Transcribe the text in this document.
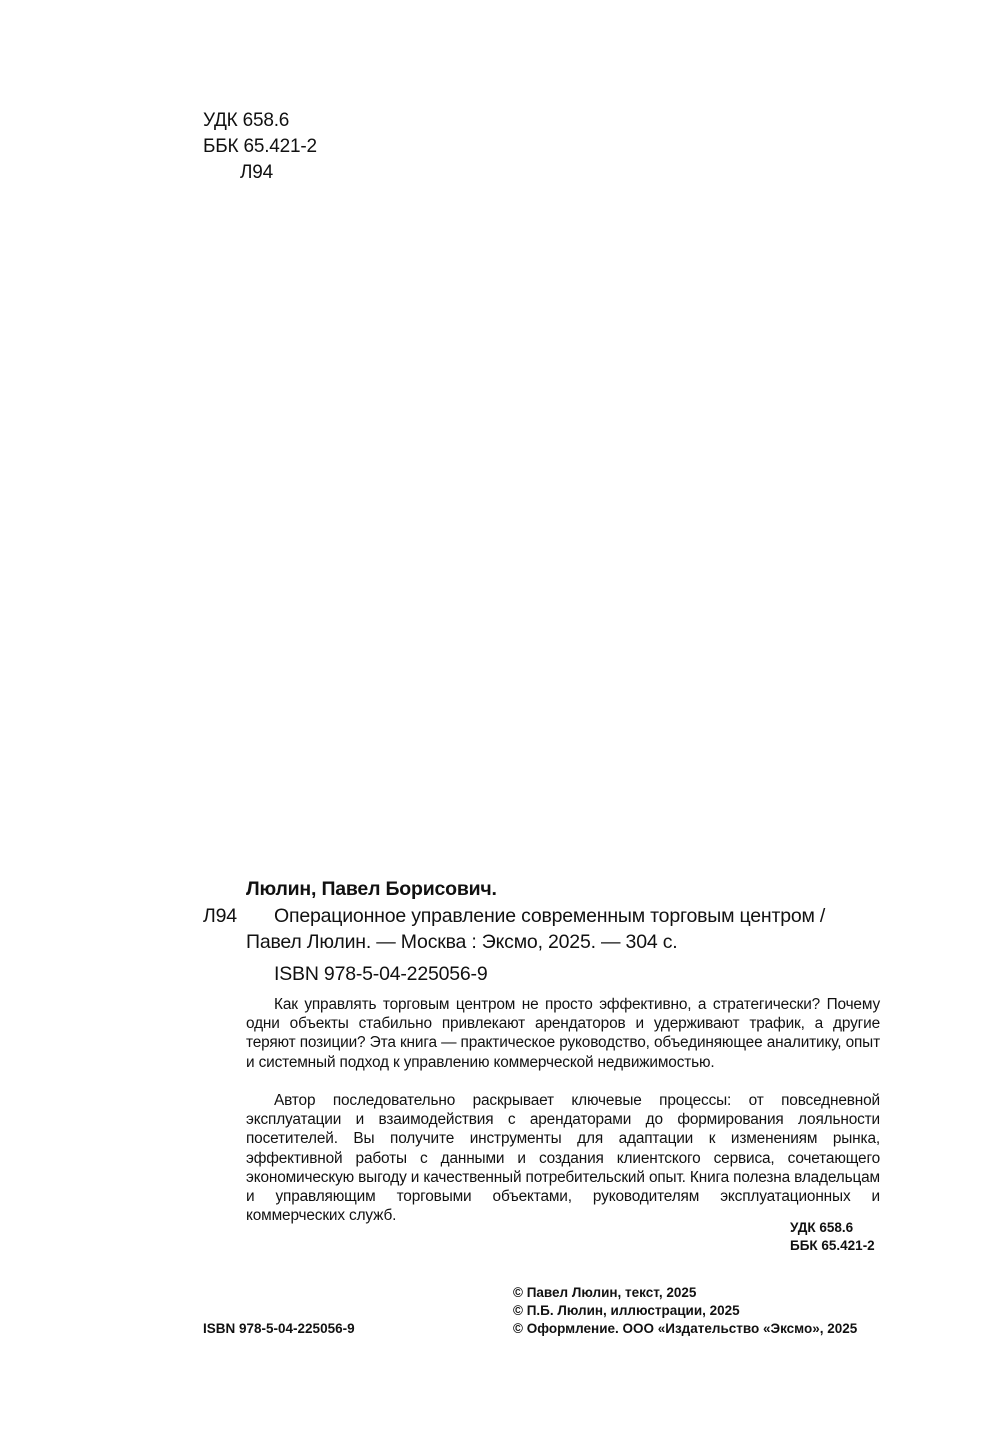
УДК 658.6
ББК 65.421-2
Л94
Люлин, Павел Борисович.
Л94 Операционное управление современным торговым центром /
Павел Люлин. — Москва : Эксмо, 2025. — 304 с.
ISBN 978-5-04-225056-9

Как управлять торговым центром не просто эффективно, а стратегически? Почему одни объекты стабильно привлекают арендаторов и удерживают трафик, а другие теряют позиции? Эта книга — практическое руководство, объединяющее аналитику, опыт и системный подход к управлению коммерческой недвижимостью.

Автор последовательно раскрывает ключевые процессы: от повседневной эксплуатации и взаимодействия с арендаторами до формирования лояльности посетителей. Вы получите инструменты для адаптации к изменениям рынка, эффективной работы с данными и создания клиентского сервиса, сочетающего экономическую выгоду и качественный потребительский опыт. Книга полезна владельцам и управляющим торговыми объектами, руководителям эксплуатационных и коммерческих служб.

УДК 658.6
ББК 65.421-2
© Павел Люлин, текст, 2025
© П.Б. Люлин, иллюстрации, 2025
© Оформление. ООО «Издательство «Эксмо», 2025
ISBN 978-5-04-225056-9
